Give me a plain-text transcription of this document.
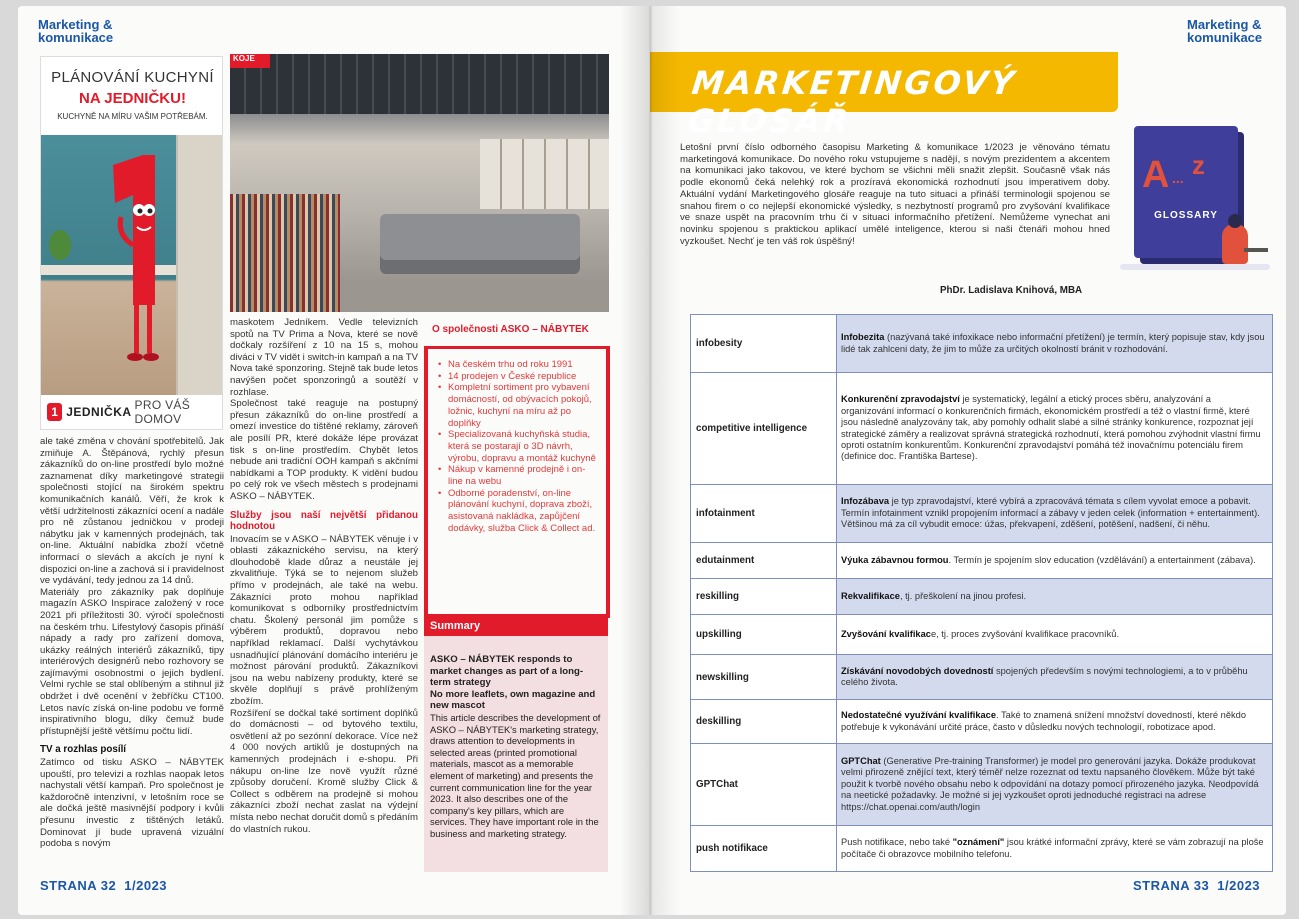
Marketing &
komunikace
PLÁNOVÁNÍ KUCHYNÍ
NA JEDNIČKU!
KUCHYNĚ NA MÍRU VAŠIM POTŘEBÁM.
1 JEDNIČKA PRO VÁŠ DOMOV
KOJE

ale také změna v chování spotřebitelů. Jak zmiňuje A. Štěpánová, rychlý přesun zákazníků do on-line prostředí bylo možné zaznamenat díky marketingové strategii společnosti stojící na širokém spektru komunikačních kanálů. Věří, že krok k větší udržitelnosti zákazníci ocení a nadále pro ně zůstanou jedničkou v prodeji nábytku jak v kamenných prodejnách, tak on-line. Aktuální nabídka zboží včetně informací o slevách a akcích je nyní k dispozici on-line a zachová si i pravidelnost ve vydávání, tedy jednou za 14 dnů.

Materiály pro zákazníky pak doplňuje magazín ASKO Inspirace založený v roce 2021 při příležitosti 30. výročí společnosti na českém trhu. Lifestylový časopis přináší nápady a rady pro zařízení domova, ukázky reálných interiérů zákazníků, tipy interiérových designérů nebo rozhovory se zajímavými osobnostmi o jejich bydlení. Velmi rychle se stal oblíbeným a stihnul již obdržet i dvě ocenění v žebříčku CT100. Letos navíc získá on-line podobu ve formě inspirativního blogu, díky čemuž bude přístupnější ještě většímu počtu lidí.

TV a rozhlas posílí

Zatímco od tisku ASKO – NÁBYTEK upouští, pro televizi a rozhlas naopak letos nachystali větší kampaň. Pro společnost je každoročně intenzivní, v letošním roce se ale dočká ještě masivnější podpory i kvůli přesunu investic z tištěných letáků. Dominovat jí bude upravená vizuální podoba s novým

maskotem Jedníkem. Vedle televizních spotů na TV Prima a Nova, které se nově dočkaly rozšíření z 10 na 15 s, mohou diváci v TV vidět i switch-in kampaň a na TV Nova také sponzoring. Stejně tak bude letos navýšen počet sponzoringů a soutěží v rozhlase.

Společnost také reaguje na postupný přesun zákazníků do on-line prostředí a omezí investice do tištěné reklamy, zároveň ale posílí PR, které dokáže lépe provázat tisk s on-line prostředím. Chybět letos nebude ani tradiční OOH kampaň s akčními nabídkami a TOP produkty. K vidění budou po celý rok ve všech městech s prodejnami ASKO – NÁBYTEK.

Služby jsou naší největší přidanou hodnotou

Inovacím se v ASKO – NÁBYTEK věnuje i v oblasti zákaznického servisu, na který dlouhodobě klade důraz a neustále jej zkvalitňuje. Týká se to nejenom služeb přímo v prodejnách, ale také na webu. Zákazníci proto mohou například komunikovat s odborníky prostřednictvím chatu. Školený personál jim pomůže s výběrem produktů, dopravou nebo například reklamací. Další vychytávkou usnadňující plánování domácího interiéru je možnost párování produktů. Zákazníkovi jsou na webu nabízeny produkty, které se skvěle doplňují s právě prohlíženým zbožím.

Rozšíření se dočkal také sortiment doplňků do domácnosti – od bytového textilu, osvětlení až po sezónní dekorace. Více než 4 000 nových artiklů je dostupných na kamenných prodejnách i e-shopu. Při nákupu on-line lze nově využít různé způsoby doručení. Kromě služby Click & Collect s odběrem na prodejně si mohou zákazníci zboží nechat zaslat na výdejní místa nebo nechat doručit domů s předáním do vlastních rukou.

O společnosti ASKO – NÁBYTEK
• Na českém trhu od roku 1991
• 14 prodejen v České republice
• Kompletní sortiment pro vybavení domácností, od obývacích pokojů, ložnic, kuchyní na míru až po doplňky
• Specializovaná kuchyňská studia, která se postarají o 3D návrh, výrobu, dopravu a montáž kuchyně
• Nákup v kamenné prodejně i on-line na webu
• Odborné poradenství, on-line plánování kuchyní, doprava zboží, asistovaná nakládka, zapůjčení dodávky, služba Click & Collect ad.
Summary
ASKO – NÁBYTEK responds to market changes as part of a long-term strategy
No more leaflets, own magazine and new mascot

This article describes the development of ASKO – NÁBYTEK's marketing strategy, draws attention to developments in selected areas (printed promotional materials, mascot as a memorable element of marketing) and presents the current communication line for the year 2023. It also describes one of the company's key pillars, which are services. They have important role in the business and marketing strategy.

STRANA 32 1/2023
Marketing &
komunikace
MARKETINGOVÝ GLOSÁŘ
Letošní první číslo odborného časopisu Marketing & komunikace 1/2023 je věnováno tématu marketingová komunikace. Do nového roku vstupujeme s nadějí, s novým prezidentem a akcentem na komunikaci jako takovou, ve které bychom se všichni měli snažit zlepšit. Současně však nás podle ekonomů čeká nelehký rok a prozíravá ekonomická rozhodnutí jsou imperativem doby. Aktuální vydání Marketingového glosáře reaguje na tuto situaci a přináší terminologii spojenou se snahou firem o co nejlepší ekonomické výsledky, s nezbytností programů pro zvyšování kvalifikace ve snaze uspět na pracovním trhu či v situaci informačního přetížení. Nemůžeme vynechat ani novinku spojenou s praktickou aplikací umělé inteligence, kterou si naši čtenáři mohou hned vyzkoušet. Nechť je ten váš rok úspěšný!
PhDr. Ladislava Knihová, MBA
A ... z
GLOSSARY
infobesity	Infobezita (nazývaná také infoxikace nebo informační přetížení) je termín, který popisuje stav, kdy jsou lidé tak zahlceni daty, že jim to může za určitých okolností bránit v rozhodování.
competitive intelligence	Konkurenční zpravodajství je systematický, legální a etický proces sběru, analyzování a organizování informací o konkurenčních firmách, ekonomickém prostředí a též o vlastní firmě, které jsou následně analyzovány tak, aby pomohly odhalit slabé a silné stránky konkurence, rozpoznat její strategické záměry a realizovat správná strategická rozhodnutí, která pomohou zvýhodnit vlastní firmu oproti ostatním konkurentům. Konkurenční zpravodajství pomáhá též inovačnímu potenciálu firem (definice doc. Františka Bartese).
infotainment	Infozábava je typ zpravodajství, které vybírá a zpracovává témata s cílem vyvolat emoce a pobavit. Termín infotainment vznikl propojením informací a zábavy v jeden celek (information + entertainment). Většinou má za cíl vybudit emoce: úžas, překvapení, zděšení, potěšení, nadšení, či něhu.
edutainment	Výuka zábavnou formou. Termín je spojením slov education (vzdělávání) a entertainment (zábava).
reskilling	Rekvalifikace, tj. přeškolení na jinou profesi.
upskilling	Zvyšování kvalifikace, tj. proces zvyšování kvalifikace pracovníků.
newskilling	Získávání novodobých dovedností spojených především s novými technologiemi, a to v průběhu celého života.
deskilling	Nedostatečné využívání kvalifikace. Také to znamená snížení množství dovedností, které někdo potřebuje k vykonávání určité práce, často v důsledku nových technologií, robotizace apod.
GPTChat	GPTChat (Generative Pre-training Transformer) je model pro generování jazyka. Dokáže produkovat velmi přirozeně znějící text, který téměř nelze rozeznat od textu napsaného člověkem. Může být také použit k tvorbě nového obsahu nebo k odpovídání na dotazy pomocí přirozeného jazyka. Neodpovídá na neetické požadavky. Je možné si jej vyzkoušet oproti jednoduché registraci na adrese https://chat.openai.com/auth/login
push notifikace	Push notifikace, nebo také "oznámení" jsou krátké informační zprávy, které se vám zobrazují na ploše počítače či obrazovce mobilního telefonu.
STRANA 33 1/2023
